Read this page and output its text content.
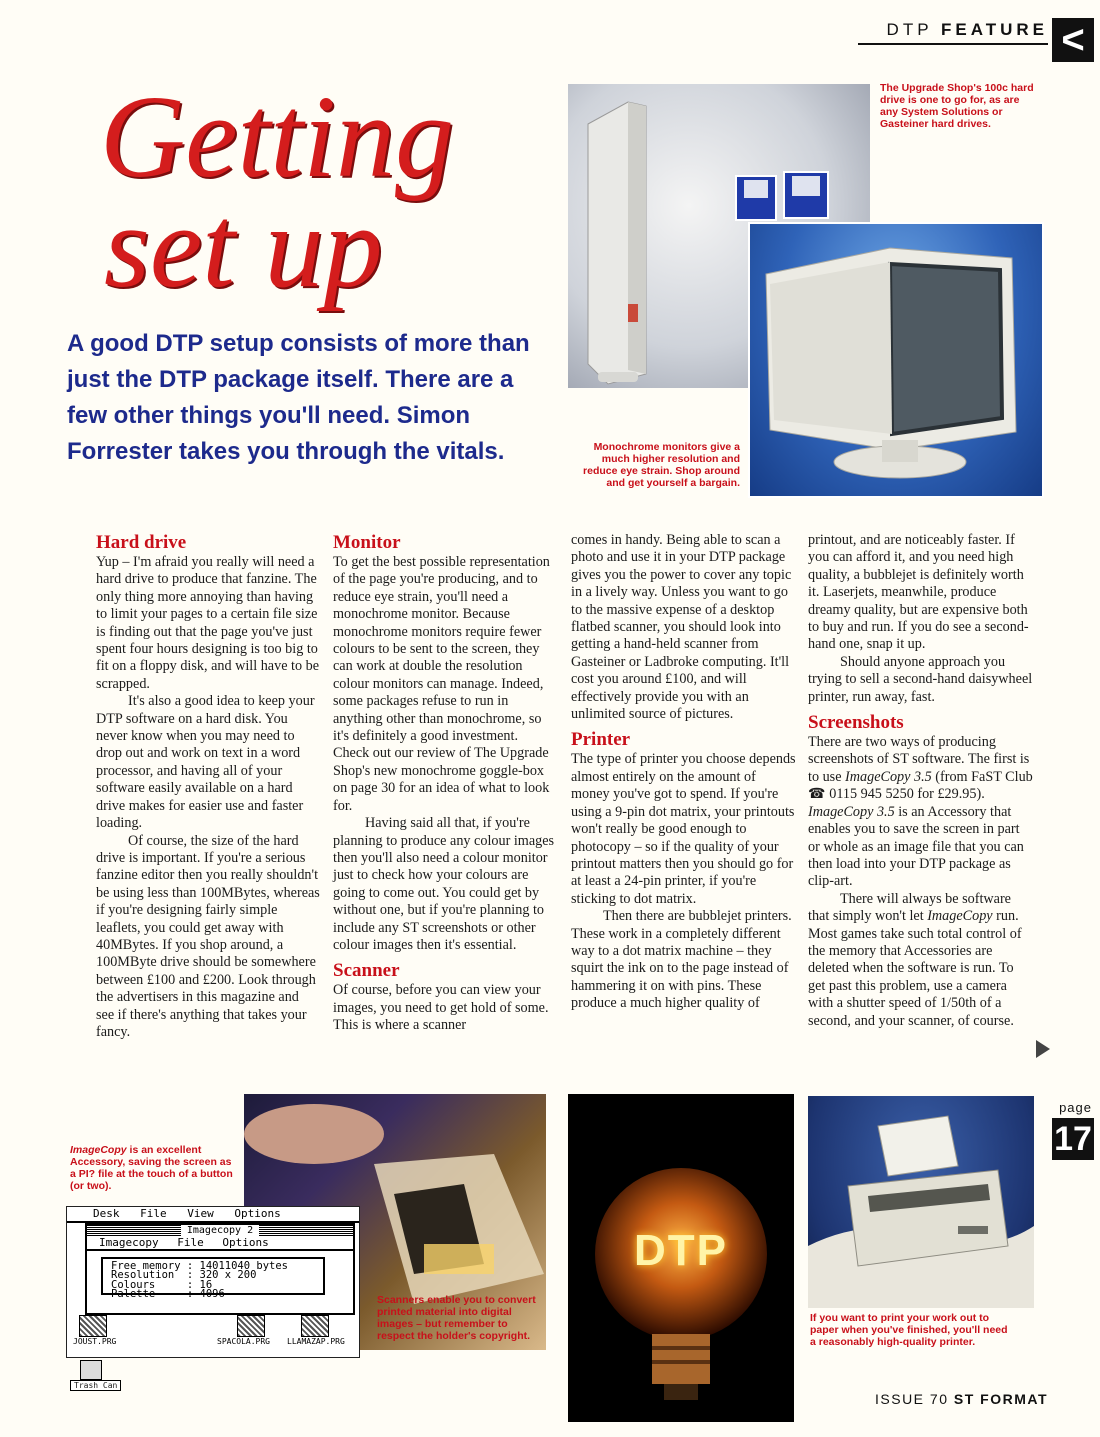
DTP FEATURE <
Getting
set up
A good DTP setup consists of more than just the DTP package itself. There are a few other things you'll need. Simon Forrester takes you through the vitals.
The Upgrade Shop's 100c hard drive is one to go for, as are any System Solutions or Gasteiner hard drives.
Monochrome monitors give a much higher resolution and reduce eye strain. Shop around and get yourself a bargain.
Hard drive

Yup – I'm afraid you really will need a hard drive to produce that fanzine. The only thing more annoying than having to limit your pages to a certain file size is finding out that the page you've just spent four hours designing is too big to fit on a floppy disk, and will have to be scrapped.

It's also a good idea to keep your DTP software on a hard disk. You never know when you may need to drop out and work on text in a word processor, and having all of your software easily available on a hard drive makes for easier use and faster loading.

Of course, the size of the hard drive is important. If you're a serious fanzine editor then you really shouldn't be using less than 100MBytes, whereas if you're designing fairly simple leaflets, you could get away with 40MBytes. If you shop around, a 100MByte drive should be somewhere between £100 and £200. Look through the advertisers in this magazine and see if there's anything that takes your fancy.

Monitor

To get the best possible representation of the page you're producing, and to reduce eye strain, you'll need a monochrome monitor. Because monochrome monitors require fewer colours to be sent to the screen, they can work at double the resolution colour monitors can manage. Indeed, some packages refuse to run in anything other than monochrome, so it's definitely a good investment. Check out our review of The Upgrade Shop's new monochrome goggle-box on page 30 for an idea of what to look for.

Having said all that, if you're planning to produce any colour images then you'll also need a colour monitor just to check how your colours are going to come out. You could get by without one, but if you're planning to include any ST screenshots or other colour images then it's essential.

Scanner

Of course, before you can view your images, you need to get hold of some. This is where a scanner

comes in handy. Being able to scan a photo and use it in your DTP package gives you the power to cover any topic in a lively way. Unless you want to go to the massive expense of a desktop flatbed scanner, you should look into getting a hand-held scanner from Gasteiner or Ladbroke computing. It'll cost you around £100, and will effectively provide you with an unlimited source of pictures.

Printer

The type of printer you choose depends almost entirely on the amount of money you've got to spend. If you're using a 9-pin dot matrix, your printouts won't really be good enough to photocopy – so if the quality of your printout matters then you should go for at least a 24-pin printer, if you're sticking to dot matrix.

Then there are bubblejet printers. These work in a completely different way to a dot matrix machine – they squirt the ink on to the page instead of hammering it on with pins. These produce a much higher quality of

printout, and are noticeably faster. If you can afford it, and you need high quality, a bubblejet is definitely worth it. Laserjets, meanwhile, produce dreamy quality, but are expensive both to buy and run. If you do see a second-hand one, snap it up.

Should anyone approach you trying to sell a second-hand daisywheel printer, run away, fast.

Screenshots

There are two ways of producing screenshots of ST software. The first is to use ImageCopy 3.5 (from FaST Club ☎ 0115 945 5250 for £29.95). ImageCopy 3.5 is an Accessory that enables you to save the screen in part or whole as an image file that you can then load into your DTP package as clip-art.

There will always be software that simply won't let ImageCopy run. Most games take such total control of the memory that Accessories are deleted when the software is run. To get past this problem, use a camera with a shutter speed of 1/50th of a second, and your scanner, of course.

ImageCopy is an excellent Accessory, saving the screen as a PI? file at the touch of a button (or two).
Desk File View Options
Imagecopy 2
Imagecopy File Options
Free memory : 14011040 bytes
Resolution  : 320 x 200
Colours     : 16
Palette     : 4096
JOUST.PRG	SPACOLA.PRG LLAMAZAP.PRG
Trash Can
Scanners enable you to convert printed material into digital images – but remember to respect the holder's copyright.
DTP
If you want to print your work out to paper when you've finished, you'll need a reasonably high-quality printer.
page
17
ISSUE 70 ST FORMAT
